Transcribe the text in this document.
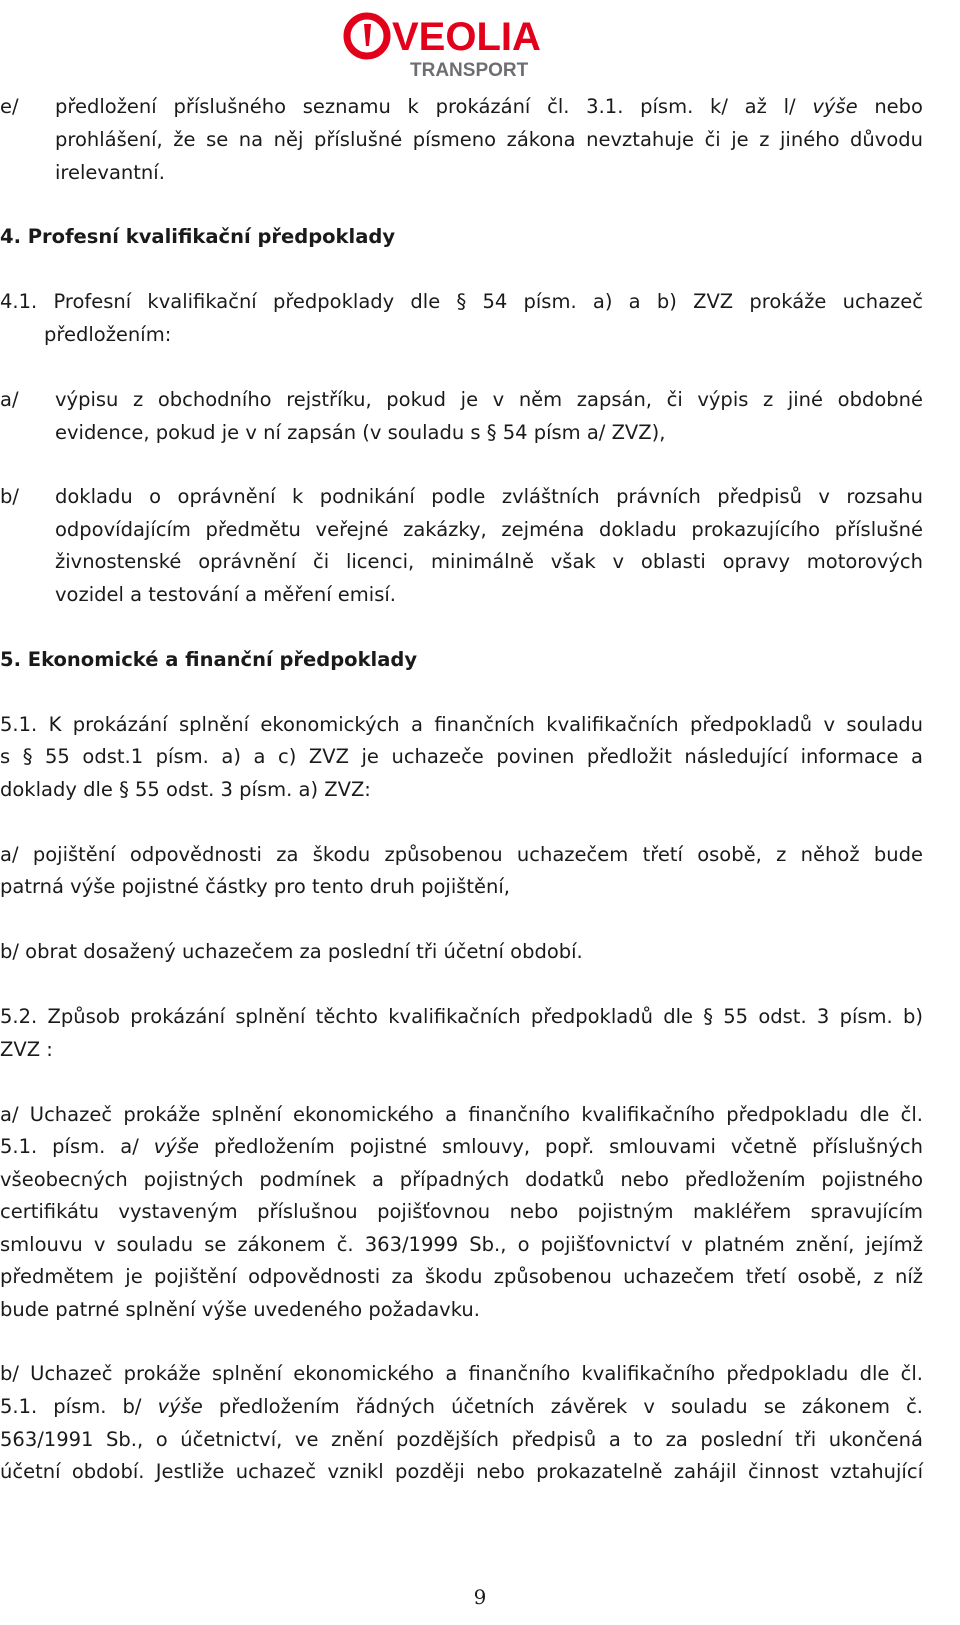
VEOLIA
TRANSPORT
e/ předložení příslušného seznamu k prokázání čl. 3.1. písm. k/ až l/ výše nebo
prohlášení, že se na něj příslušné písmeno zákona nevztahuje či je z jiného důvodu
irelevantní.
4. Profesní kvalifikační předpoklady
4.1. Profesní kvalifikační předpoklady dle § 54 písm. a) a b) ZVZ prokáže uchazeč
předložením:
a/ výpisu z obchodního rejstříku, pokud je v něm zapsán, či výpis z jiné obdobné
evidence, pokud je v ní zapsán (v souladu s § 54 písm a/ ZVZ),
b/ dokladu o oprávnění k podnikání podle zvláštních právních předpisů v rozsahu
odpovídajícím předmětu veřejné zakázky, zejména dokladu prokazujícího příslušné
živnostenské oprávnění či licenci, minimálně však v oblasti opravy motorových
vozidel a testování a měření emisí.
5. Ekonomické a finanční předpoklady
5.1. K prokázání splnění ekonomických a finančních kvalifikačních předpokladů v souladu
s § 55 odst.1 písm. a) a c) ZVZ je uchazeče povinen předložit následující informace a
doklady dle § 55 odst. 3 písm. a) ZVZ:
a/ pojištění odpovědnosti za škodu způsobenou uchazečem třetí osobě, z něhož bude
patrná výše pojistné částky pro tento druh pojištění,
b/ obrat dosažený uchazečem za poslední tři účetní období.
5.2. Způsob prokázání splnění těchto kvalifikačních předpokladů dle § 55 odst. 3 písm. b)
ZVZ :
a/ Uchazeč prokáže splnění ekonomického a finančního kvalifikačního předpokladu dle čl.
5.1. písm. a/ výše předložením pojistné smlouvy, popř. smlouvami včetně příslušných
všeobecných pojistných podmínek a případných dodatků nebo předložením pojistného
certifikátu vystaveným příslušnou pojišťovnou nebo pojistným makléřem spravujícím
smlouvu v souladu se zákonem č. 363/1999 Sb., o pojišťovnictví v platném znění, jejímž
předmětem je pojištění odpovědnosti za škodu způsobenou uchazečem třetí osobě, z níž
bude patrné splnění výše uvedeného požadavku.
b/ Uchazeč prokáže splnění ekonomického a finančního kvalifikačního předpokladu dle čl.
5.1. písm. b/ výše předložením řádných účetních závěrek v souladu se zákonem č.
563/1991 Sb., o účetnictví, ve znění pozdějších předpisů a to za poslední tři ukončená
účetní období. Jestliže uchazeč vznikl později nebo prokazatelně zahájil činnost vztahující
9
